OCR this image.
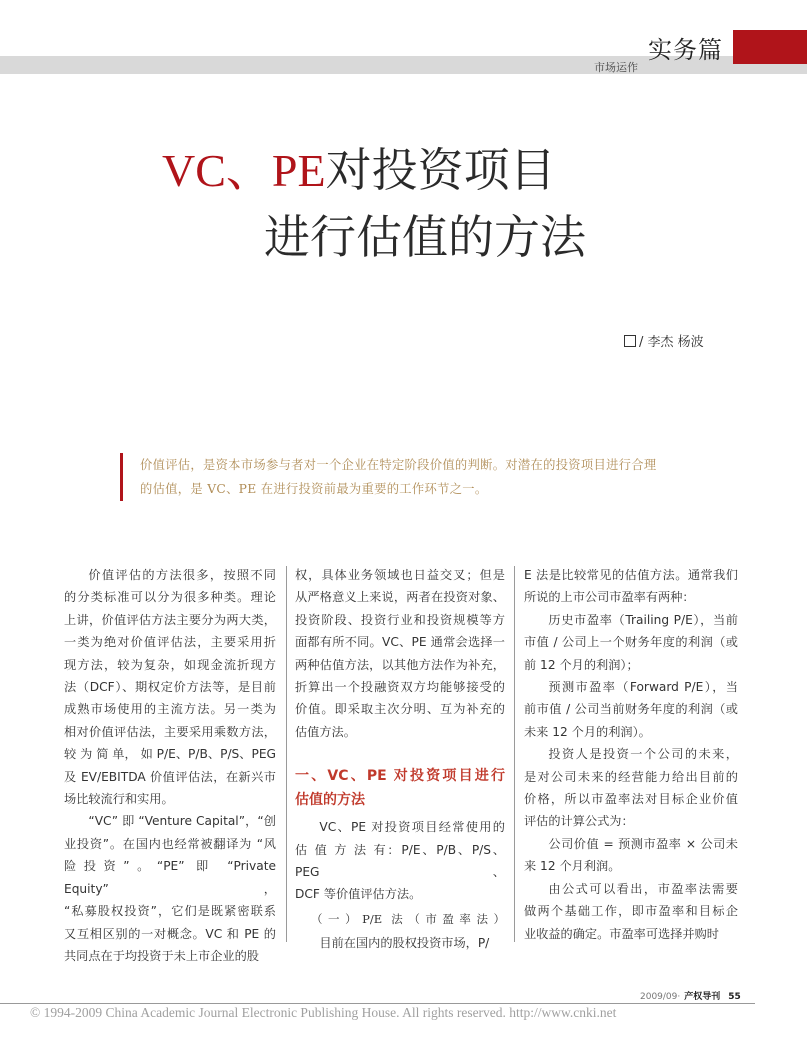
实务篇
市场运作
VC、PE对投资项目
进行估值的方法
/ 李杰 杨波

价值评估，是资本市场参与者对一个企业在特定阶段价值的判断。对潜在的投资项目进行合理

的估值，是 VC、PE 在进行投资前最为重要的工作环节之一。

价值评估的方法很多，按照不同

的分类标准可以分为很多种类。理论

上讲，价值评估方法主要分为两大类，

一类为绝对价值评估法，主要采用折

现方法，较为复杂，如现金流折现方

法（DCF）、期权定价方法等，是目前

成熟市场使用的主流方法。另一类为

相对价值评估法，主要采用乘数方法，

较 为 简 单， 如 P/E、P/B、P/S、PEG

及 EV/EBITDA 价值评估法，在新兴市

场比较流行和实用。

“VC” 即 “Venture Capital”，“创

业投资”。在国内也经常被翻译为 “风

险投资”。“PE” 即 “Private Equity”，

“私募股权投资”，它们是既紧密联系

又互相区别的一对概念。VC 和 PE 的

共同点在于均投资于未上市企业的股

权，具体业务领域也日益交叉；但是

从严格意义上来说，两者在投资对象、

投资阶段、投资行业和投资规模等方

面都有所不同。VC、PE 通常会选择一

两种估值方法，以其他方法作为补充，

折算出一个投融资双方均能够接受的

价值。即采取主次分明、互为补充的

估值方法。

一、VC、PE 对投资项目进行
估值的方法

VC、PE 对投资项目经常使用的

估 值 方 法 有：P/E、P/B、P/S、PEG、

DCF 等价值评估方法。

（一）P/E 法（市盈率法）

目前在国内的股权投资市场，P/

E 法是比较常见的估值方法。通常我们

所说的上市公司市盈率有两种：

历史市盈率（Trailing P/E），当前

市值 / 公司上一个财务年度的利润（或

前 12 个月的利润）；

预测市盈率（Forward P/E），当

前市值 / 公司当前财务年度的利润（或

未来 12 个月的利润）。

投资人是投资一个公司的未来，

是对公司未来的经营能力给出目前的

价格，所以市盈率法对目标企业价值

评估的计算公式为：

公司价值 = 预测市盈率 × 公司未

来 12 个月利润。

由公式可以看出，市盈率法需要

做两个基础工作，即市盈率和目标企

业收益的确定。市盈率可选择并购时

2009/09· 产权导刊 55
© 1994-2009 China Academic Journal Electronic Publishing House. All rights reserved. http://www.cnki.net
